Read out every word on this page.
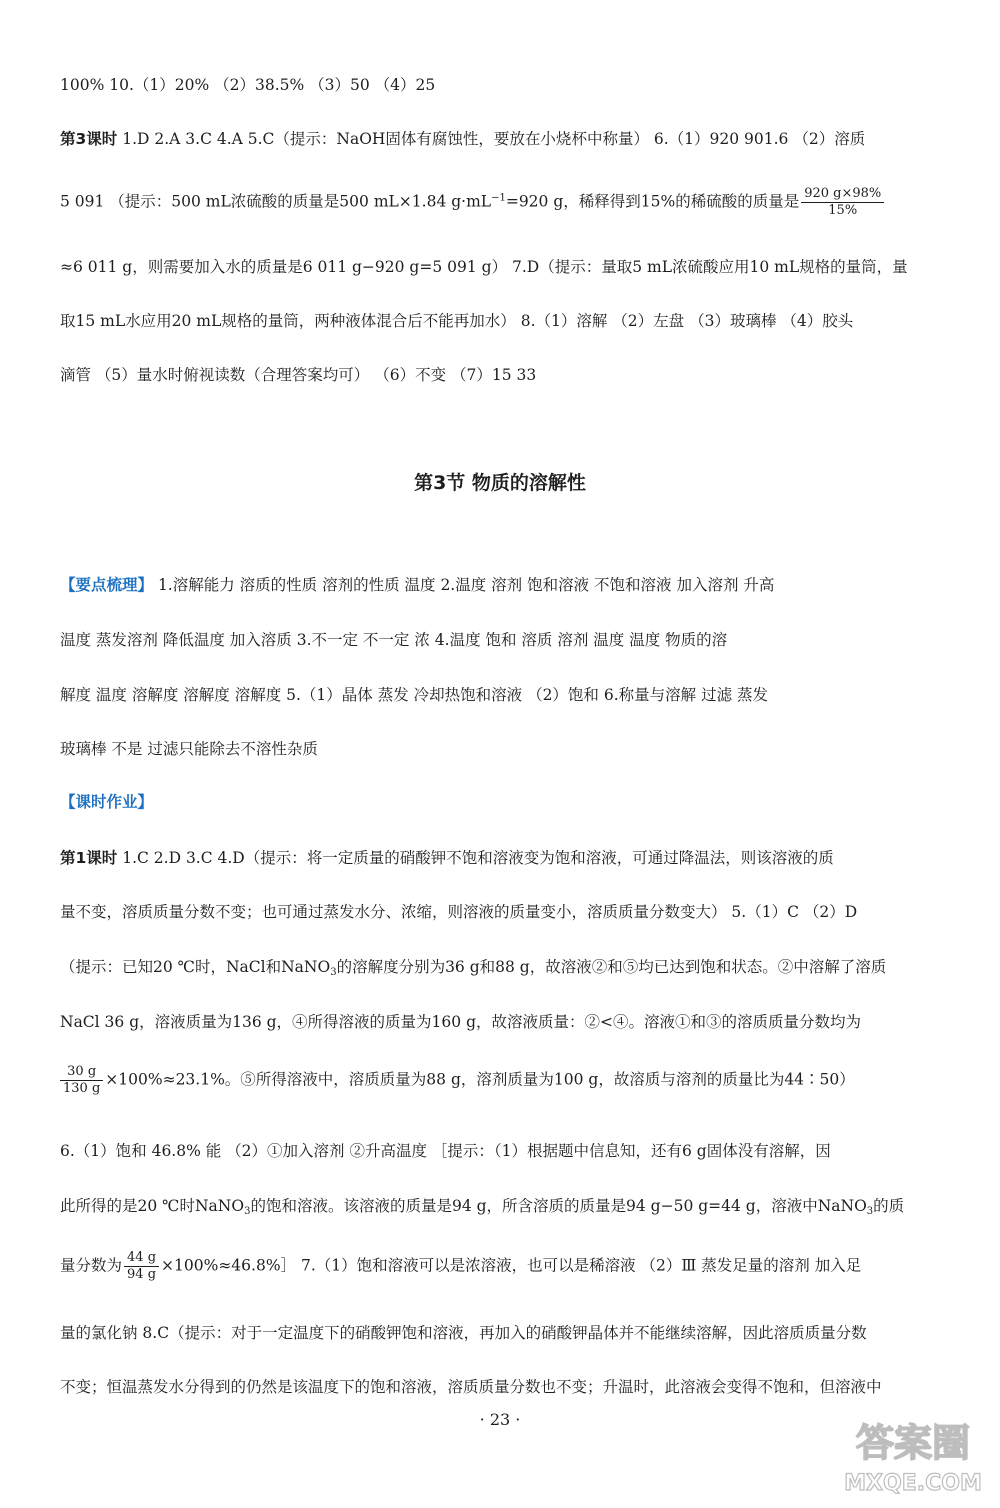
100% 10.（1）20% （2）38.5% （3）50 （4）25
第3课时 1.D 2.A 3.C 4.A 5.C（提示：NaOH固体有腐蚀性，要放在小烧杯中称量） 6.（1）920 901.6 （2）溶质
5 091 （提示：500 mL浓硫酸的质量是500 mL×1.84 $g\cdot mL^{-1}=920$ g，稀释得到15%的稀硫酸的质量是 $\frac{920 g\times 98\%}{15\%}$
≈6 011 g，则需要加入水的质量是6 011 g−920 g=5 091 g） 7.D（提示：量取5 mL浓硫酸应用10 mL规格的量筒，量
取15 mL水应用20 mL规格的量筒，两种液体混合后不能再加水） 8.（1）溶解 （2）左盘 （3）玻璃棒 （4）胶头
滴管 （5）量水时俯视读数（合理答案均可） （6）不变 （7）15 33
第3节 物质的溶解性
【要点梳理】 1.溶解能力 溶质的性质 溶剂的性质 温度 2.温度 溶剂 饱和溶液 不饱和溶液 加入溶剂 升高
温度 蒸发溶剂 降低温度 加入溶质 3.不一定 不一定 浓 4.温度 饱和 溶质 溶剂 温度 温度 物质的溶
解度 温度 溶解度 溶解度 溶解度 5.（1）晶体 蒸发 冷却热饱和溶液 （2）饱和 6.称量与溶解 过滤 蒸发
玻璃棒 不是 过滤只能除去不溶性杂质
【课时作业】
第1课时 1.C 2.D 3.C 4.D（提示：将一定质量的硝酸钾不饱和溶液变为饱和溶液，可通过降温法，则该溶液的质
量不变，溶质质量分数不变；也可通过蒸发水分、浓缩，则溶液的质量变小，溶质质量分数变大） 5.（1）C （2）D
（提示：已知20 ℃时，NaCl和NaNO$_3$的溶解度分别为36 g和88 g，故溶液②和⑤均已达到饱和状态。②中溶解了溶质
NaCl 36 g，溶液质量为136 g，④所得溶液的质量为160 g，故溶液质量：②<④。溶液①和③的溶质质量分数均为
$\frac{30 g}{130 g} \times 100\%\approx 23.1\%$。⑤所得溶液中，溶质质量为88 g，溶剂质量为100 g，故溶质与溶剂的质量比为44∶50）
6.（1）饱和 46.8% 能 （2）①加入溶剂 ②升高温度 ［提示：（1）根据题中信息知，还有6 g固体没有溶解，因
此所得的是20 ℃时NaNO$_3$的饱和溶液。该溶液的质量是94 g，所含溶质的质量是94 g−50 g=44 g，溶液中NaNO$_3$的质
量分数为 $\frac{44 g}{94 g}$ ×100%≈46.8%］ 7.（1）饱和溶液可以是浓溶液，也可以是稀溶液 （2）Ⅲ 蒸发足量的溶剂 加入足
量的氯化钠 8.C（提示：对于一定温度下的硝酸钾饱和溶液，再加入的硝酸钾晶体并不能继续溶解，因此溶质质量分数
不变；恒温蒸发水分得到的仍然是该温度下的饱和溶液，溶质质量分数也不变；升温时，此溶液会变得不饱和，但溶液中
· 23 ·
答案圈
MXQE.COM
